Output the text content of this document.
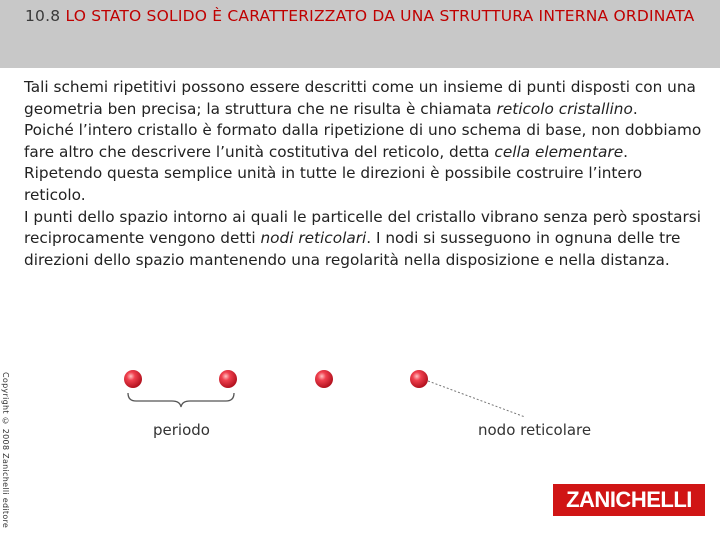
10.8 LO STATO SOLIDO È CARATTERIZZATO DA UNA STRUTTURA INTERNA ORDINATA

Tali schemi ripetitivi possono essere descritti come un insieme di punti disposti con una geometria ben precisa; la struttura che ne risulta è chiamata reticolo cristallino.

Poiché l’intero cristallo è formato dalla ripetizione di uno schema di base, non dobbiamo fare altro che descrivere l’unità costitutiva del reticolo, detta cella elementare.

Ripetendo questa semplice unità in tutte le direzioni è possibile costruire l’intero reticolo.

I punti dello spazio intorno ai quali le particelle del cristallo vibrano senza però spostarsi reciprocamente vengono detti nodi reticolari. I nodi si susseguono in ognuna delle tre direzioni dello spazio mantenendo una regolarità nella disposizione e nella distanza.

Copyright © 2008 Zanichelli editore	periodo	nodo reticolare
ZANICHELLI
